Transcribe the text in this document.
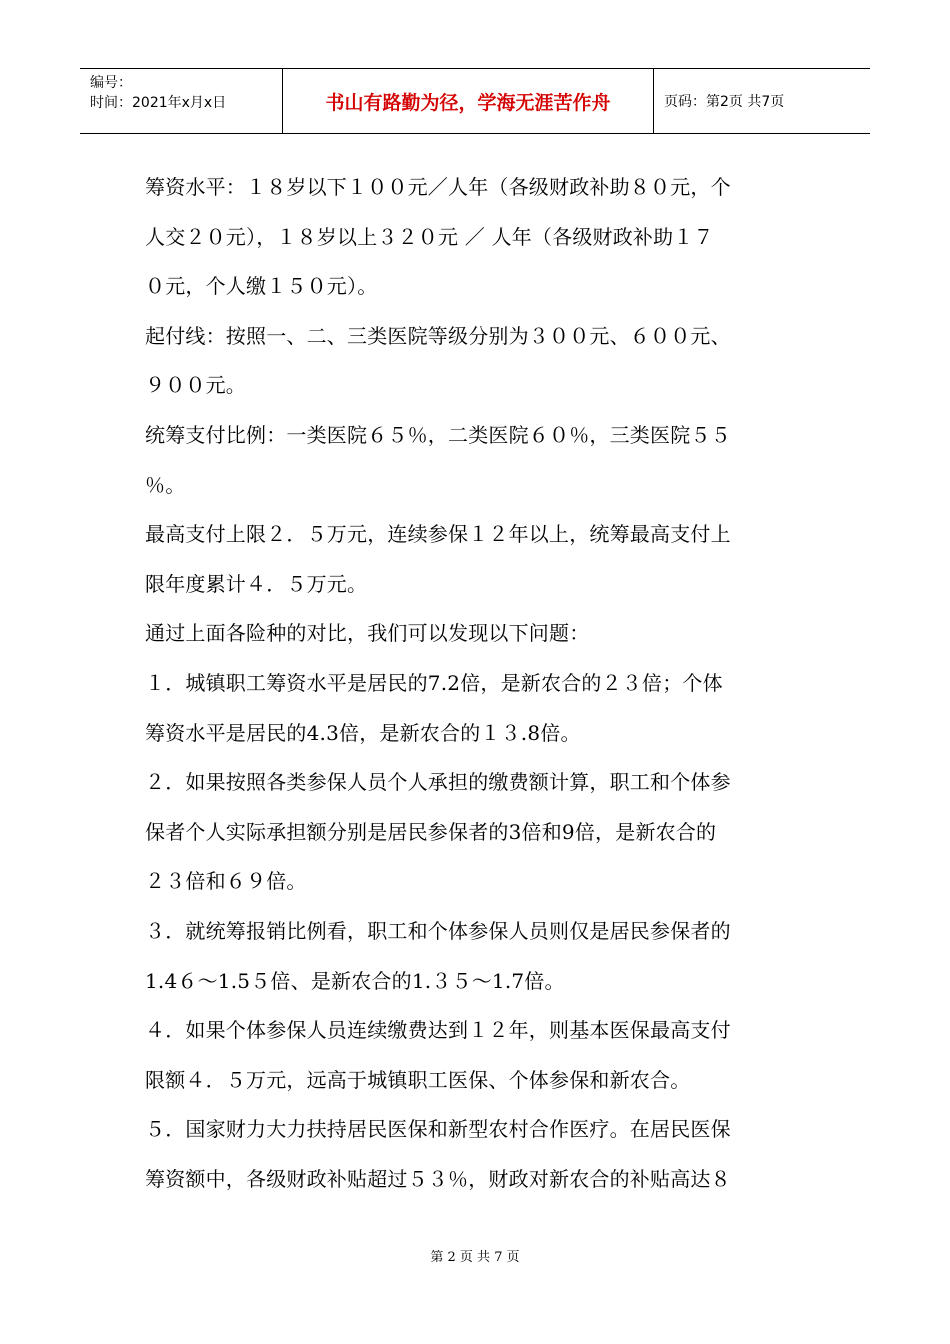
编号：
时间：2021年x月x日	书山有路勤为径，学海无涯苦作舟	页码：第2页 共7页
筹资水平：１８岁以下１００元／人年（各级财政补助８０元，个
人交２０元），１８岁以上３２０元 ／ 人年（各级财政补助１７
０元，个人缴１５０元）。
起付线：按照一、二、三类医院等级分别为３００元、６００元、
９００元。
统筹支付比例：一类医院６５％，二类医院６０％，三类医院５５
％。
最高支付上限２．５万元，连续参保１２年以上，统筹最高支付上
限年度累计４．５万元。
通过上面各险种的对比，我们可以发现以下问题：
１．城镇职工筹资水平是居民的7.2倍，是新农合的２３倍；个体
筹资水平是居民的4.3倍，是新农合的１３.8倍。
２．如果按照各类参保人员个人承担的缴费额计算，职工和个体参
保者个人实际承担额分别是居民参保者的3倍和9倍，是新农合的
２３倍和６９倍。
３．就统筹报销比例看，职工和个体参保人员则仅是居民参保者的
1.4６～1.5５倍、是新农合的1.３５～1.7倍。
４．如果个体参保人员连续缴费达到１２年，则基本医保最高支付
限额４．５万元，远高于城镇职工医保、个体参保和新农合。
５．国家财力大力扶持居民医保和新型农村合作医疗。在居民医保
筹资额中，各级财政补贴超过５３％，财政对新农合的补贴高达８
第 2 页 共 7 页
